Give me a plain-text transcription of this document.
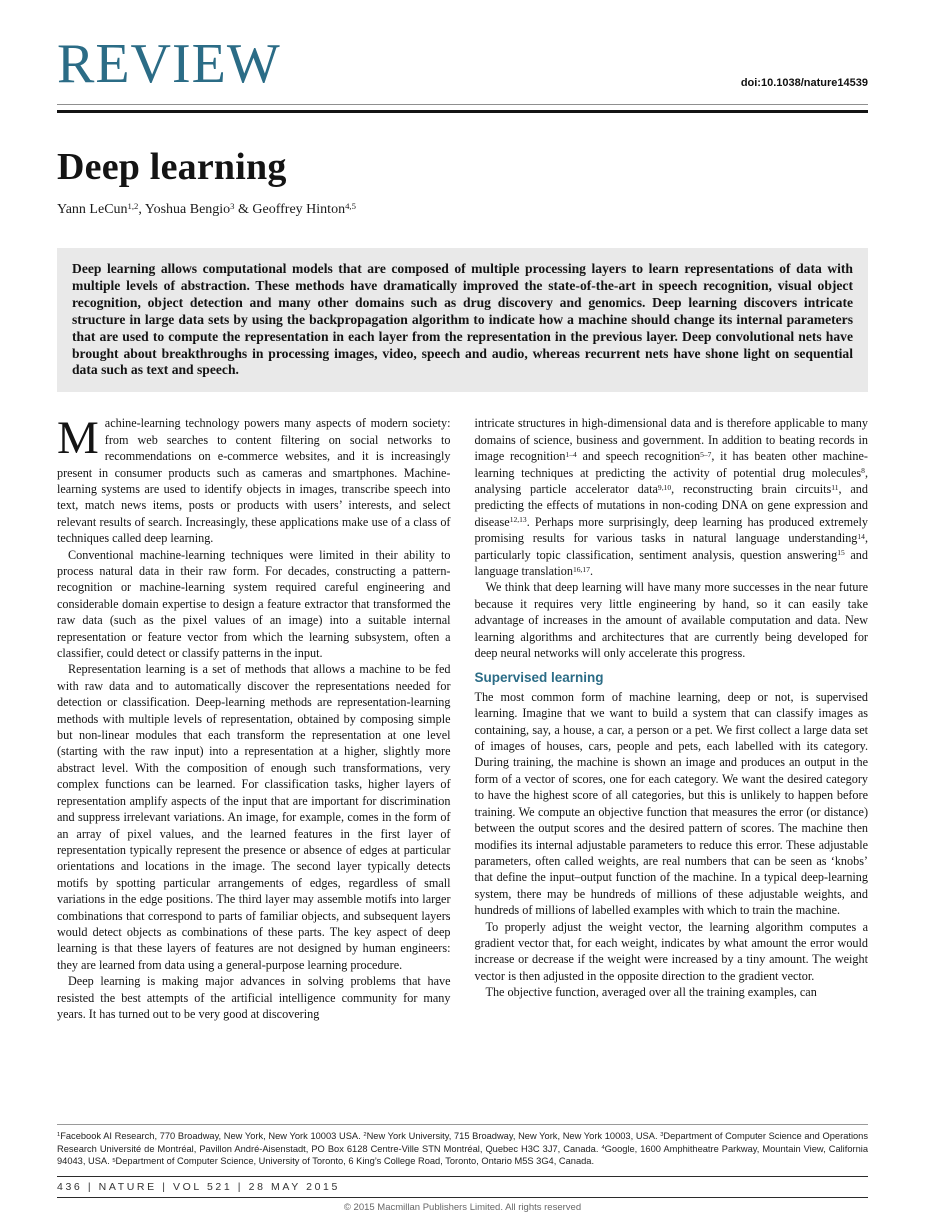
REVIEW	doi:10.1038/nature14539
Deep learning
Yann LeCun$^{1,2}$, Yoshua Bengio$^3$ & Geoffrey Hinton$^{4,5}$
Deep learning allows computational models that are composed of multiple processing layers to learn representations of data with multiple levels of abstraction. These methods have dramatically improved the state-of-the-art in speech recognition, visual object recognition, object detection and many other domains such as drug discovery and genomics. Deep learning discovers intricate structure in large data sets by using the backpropagation algorithm to indicate how a machine should change its internal parameters that are used to compute the representation in each layer from the representation in the previous layer. Deep convolutional nets have brought about breakthroughs in processing images, video, speech and audio, whereas recurrent nets have shone light on sequential data such as text and speech.

Machine-learning technology powers many aspects of modern society: from web searches to content filtering on social networks to recommendations on e-commerce websites, and it is increasingly present in consumer products such as cameras and smartphones. Machine-learning systems are used to identify objects in images, transcribe speech into text, match news items, posts or products with users’ interests, and select relevant results of search. Increasingly, these applications make use of a class of techniques called deep learning.

Conventional machine-learning techniques were limited in their ability to process natural data in their raw form. For decades, constructing a pattern-recognition or machine-learning system required careful engineering and considerable domain expertise to design a feature extractor that transformed the raw data (such as the pixel values of an image) into a suitable internal representation or feature vector from which the learning subsystem, often a classifier, could detect or classify patterns in the input.

Representation learning is a set of methods that allows a machine to be fed with raw data and to automatically discover the representations needed for detection or classification. Deep-learning methods are representation-learning methods with multiple levels of representation, obtained by composing simple but non-linear modules that each transform the representation at one level (starting with the raw input) into a representation at a higher, slightly more abstract level. With the composition of enough such transformations, very complex functions can be learned. For classification tasks, higher layers of representation amplify aspects of the input that are important for discrimination and suppress irrelevant variations. An image, for example, comes in the form of an array of pixel values, and the learned features in the first layer of representation typically represent the presence or absence of edges at particular orientations and locations in the image. The second layer typically detects motifs by spotting particular arrangements of edges, regardless of small variations in the edge positions. The third layer may assemble motifs into larger combinations that correspond to parts of familiar objects, and subsequent layers would detect objects as combinations of these parts. The key aspect of deep learning is that these layers of features are not designed by human engineers: they are learned from data using a general-purpose learning procedure.

Deep learning is making major advances in solving problems that have resisted the best attempts of the artificial intelligence community for many years. It has turned out to be very good at discovering

intricate structures in high-dimensional data and is therefore applicable to many domains of science, business and government. In addition to beating records in image recognition$^{1-4}$ and speech recognition$^{5-7}$, it has beaten other machine-learning techniques at predicting the activity of potential drug molecules$^8$, analysing particle accelerator data$^{9,10}$, reconstructing brain circuits$^{11}$, and predicting the effects of mutations in non-coding DNA on gene expression and disease$^{12,13}$. Perhaps more surprisingly, deep learning has produced extremely promising results for various tasks in natural language understanding$^{14}$, particularly topic classification, sentiment analysis, question answering$^{15}$ and language translation$^{16,17}$.

We think that deep learning will have many more successes in the near future because it requires very little engineering by hand, so it can easily take advantage of increases in the amount of available computation and data. New learning algorithms and architectures that are currently being developed for deep neural networks will only accelerate this progress.

Supervised learning

The most common form of machine learning, deep or not, is supervised learning. Imagine that we want to build a system that can classify images as containing, say, a house, a car, a person or a pet. We first collect a large data set of images of houses, cars, people and pets, each labelled with its category. During training, the machine is shown an image and produces an output in the form of a vector of scores, one for each category. We want the desired category to have the highest score of all categories, but this is unlikely to happen before training. We compute an objective function that measures the error (or distance) between the output scores and the desired pattern of scores. The machine then modifies its internal adjustable parameters to reduce this error. These adjustable parameters, often called weights, are real numbers that can be seen as ‘knobs’ that define the input–output function of the machine. In a typical deep-learning system, there may be hundreds of millions of these adjustable weights, and hundreds of millions of labelled examples with which to train the machine.

To properly adjust the weight vector, the learning algorithm computes a gradient vector that, for each weight, indicates by what amount the error would increase or decrease if the weight were increased by a tiny amount. The weight vector is then adjusted in the opposite direction to the gradient vector.

The objective function, averaged over all the training examples, can

$^1$Facebook AI Research, 770 Broadway, New York, New York 10003 USA. $^2$New York University, 715 Broadway, New York, New York 10003, USA. $^3$Department of Computer Science and Operations Research Université de Montréal, Pavillon André-Aisenstadt, PO Box 6128 Centre-Ville STN Montréal, Quebec H3C 3J7, Canada. $^4$Google, 1600 Amphitheatre Parkway, Mountain View, California 94043, USA. $^5$Department of Computer Science, University of Toronto, 6 King’s College Road, Toronto, Ontario M5S 3G4, Canada.
436 | NATURE | VOL 521 | 28 MAY 2015
© 2015 Macmillan Publishers Limited. All rights reserved
